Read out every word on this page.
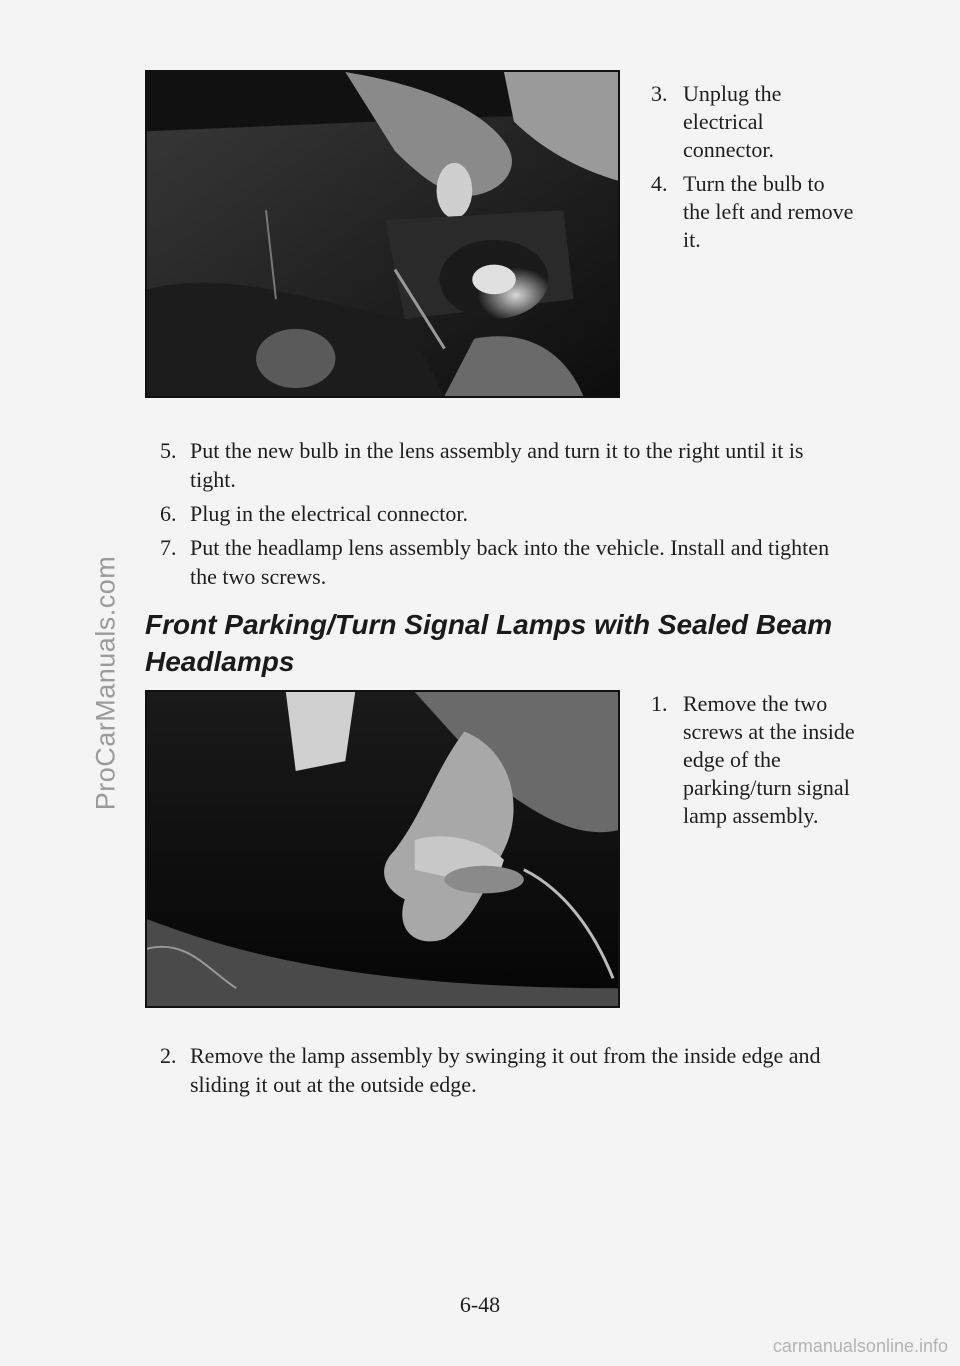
ProCarManuals.com
3. Unplug the electrical connector.
4. Turn the bulb to the left and remove it.
5. Put the new bulb in the lens assembly and turn it to the right until it is tight.
6. Plug in the electrical connector.
7. Put the headlamp lens assembly back into the vehicle. Install and tighten the two screws.
Front Parking/Turn Signal Lamps with Sealed Beam Headlamps
1. Remove the two screws at the inside edge of the parking/turn signal lamp assembly.
2. Remove the lamp assembly by swinging it out from the inside edge and sliding it out at the outside edge.
6-48
carmanualsonline.info
